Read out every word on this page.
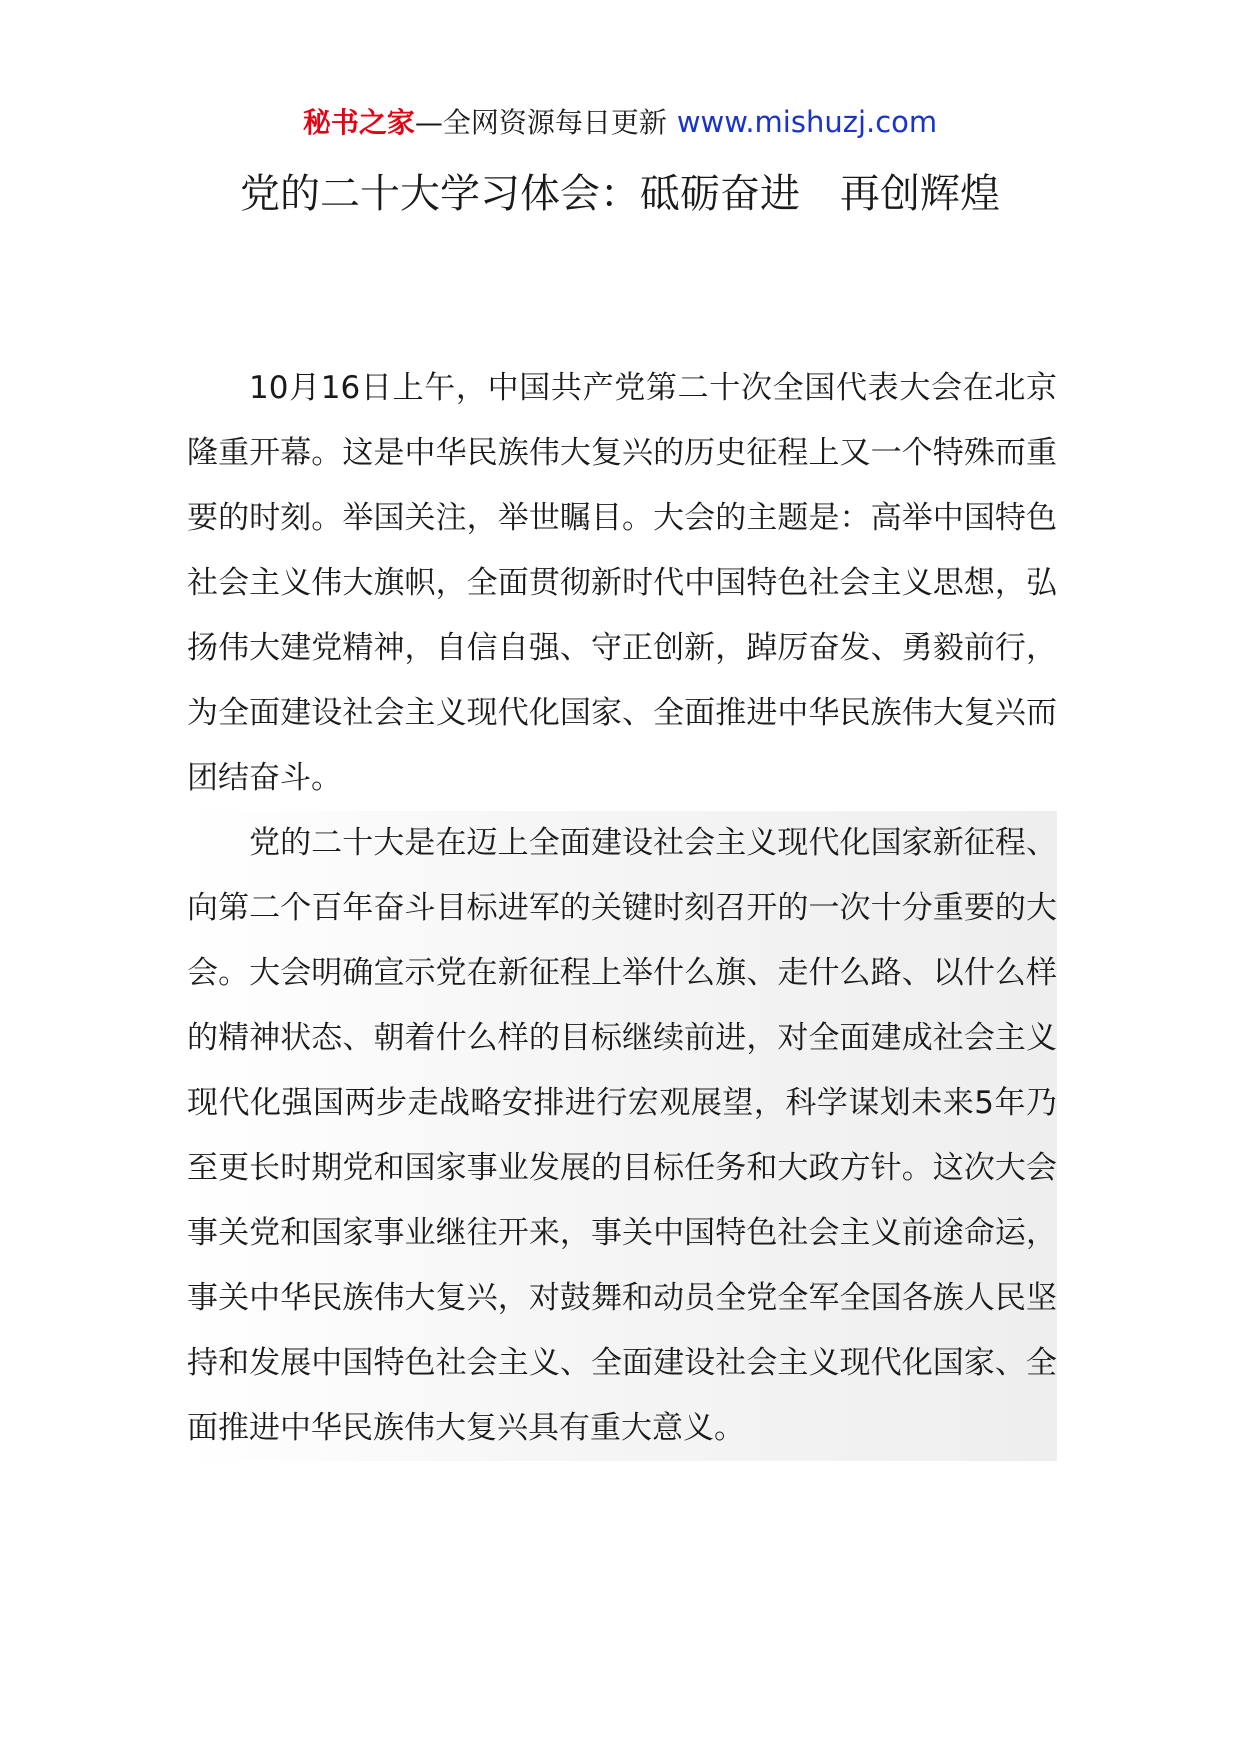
秘书之家—全网资源每日更新 www.mishuzj.com
党的二十大学习体会：砥砺奋进　再创辉煌

10月16日上午，中国共产党第二十次全国代表大会在北京隆重开幕。这是中华民族伟大复兴的历史征程上又一个特殊而重要的时刻。举国关注，举世瞩目。大会的主题是：高举中国特色社会主义伟大旗帜，全面贯彻新时代中国特色社会主义思想，弘扬伟大建党精神，自信自强、守正创新，踔厉奋发、勇毅前行，为全面建设社会主义现代化国家、全面推进中华民族伟大复兴而团结奋斗。

党的二十大是在迈上全面建设社会主义现代化国家新征程、向第二个百年奋斗目标进军的关键时刻召开的一次十分重要的大会。大会明确宣示党在新征程上举什么旗、走什么路、以什么样的精神状态、朝着什么样的目标继续前进，对全面建成社会主义现代化强国两步走战略安排进行宏观展望，科学谋划未来5年乃至更长时期党和国家事业发展的目标任务和大政方针。这次大会事关党和国家事业继往开来，事关中国特色社会主义前途命运，事关中华民族伟大复兴，对鼓舞和动员全党全军全国各族人民坚持和发展中国特色社会主义、全面建设社会主义现代化国家、全面推进中华民族伟大复兴具有重大意义。
